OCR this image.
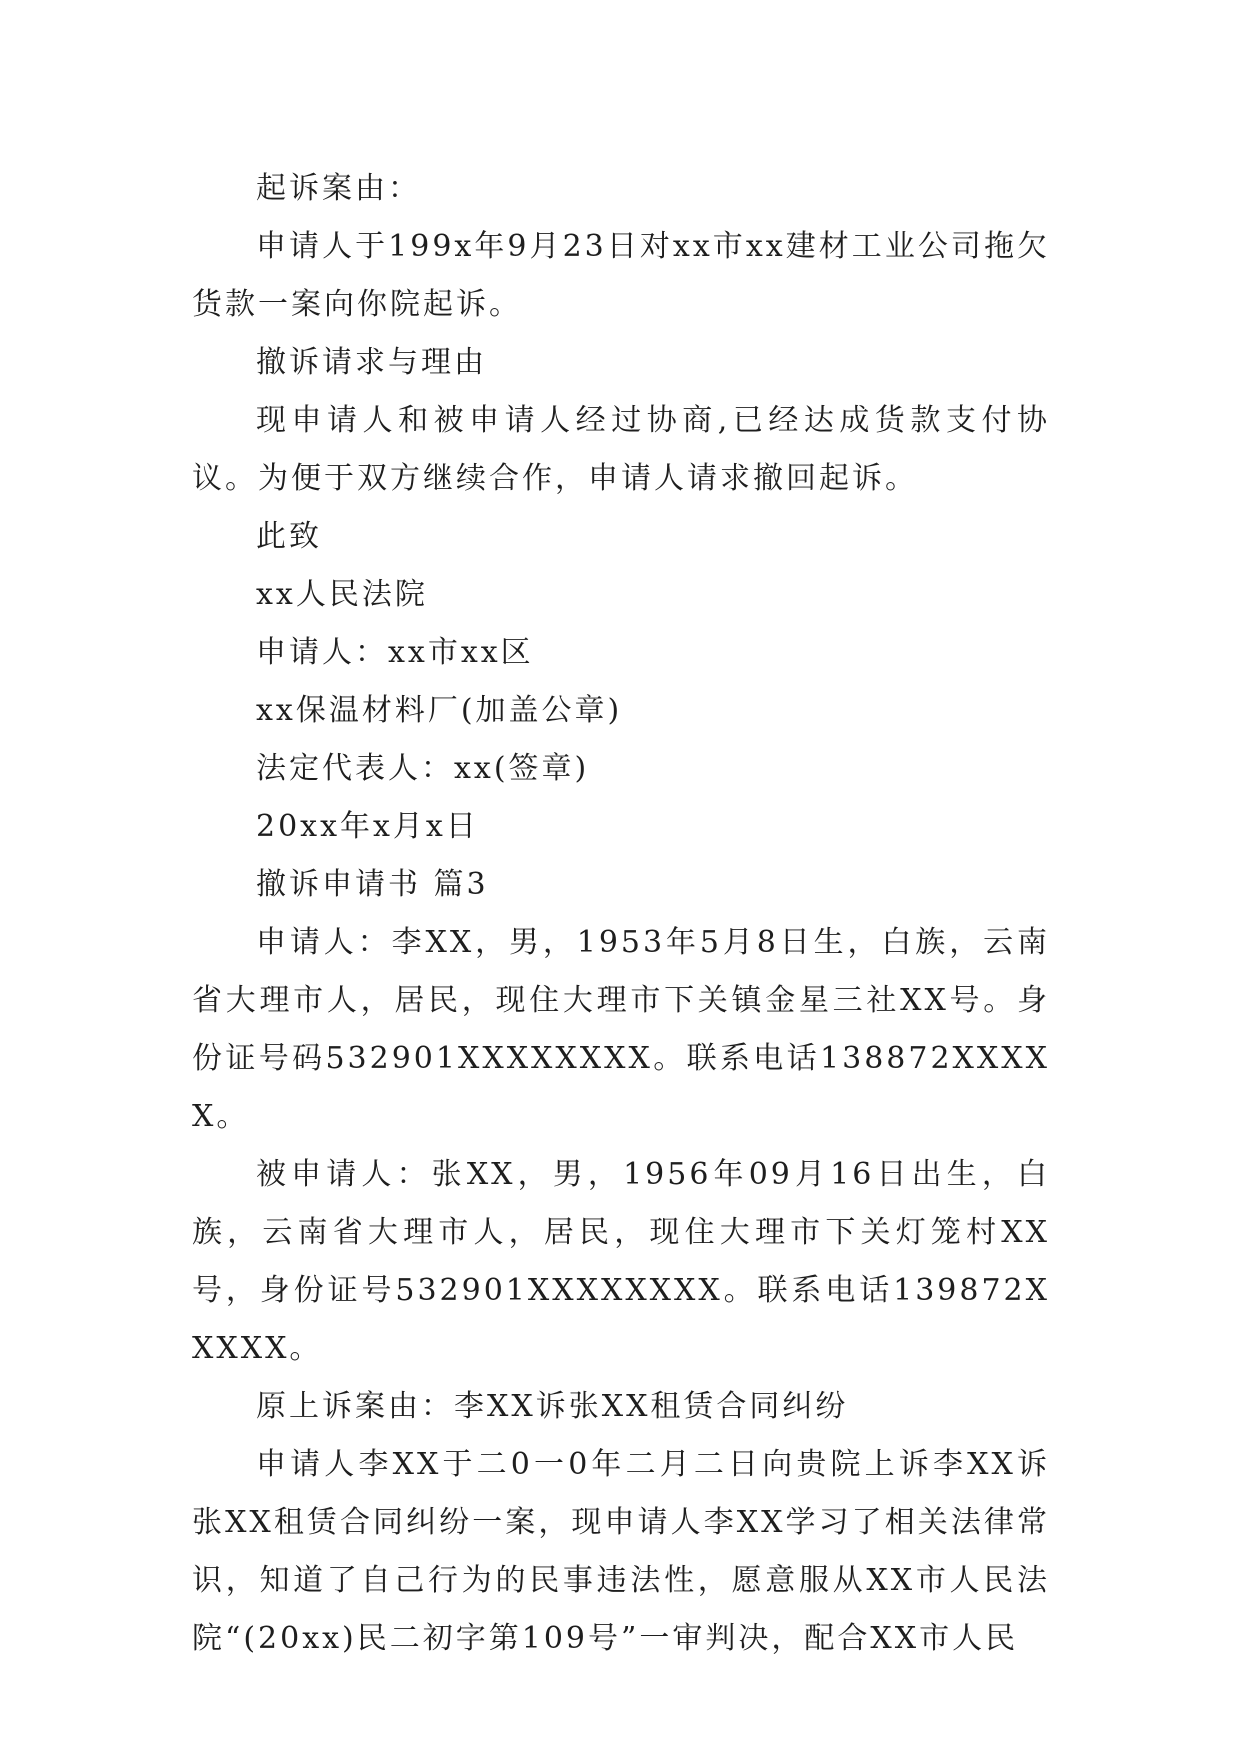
起诉案由：

申请人于199x年9月23日对xx市xx建材工业公司拖欠货款一案向你院起诉。

撤诉请求与理由

现申请人和被申请人经过协商,已经达成货款支付协议。为便于双方继续合作，申请人请求撤回起诉。

此致

xx人民法院

申请人：xx市xx区

xx保温材料厂(加盖公章)

法定代表人：xx(签章)

20xx年x月x日

撤诉申请书 篇3

申请人：李XX，男，1953年5月8日生，白族，云南省大理市人，居民，现住大理市下关镇金星三社XX号。身份证号码532901XXXXXXXX。联系电话138872XXXXX。

被申请人：张XX，男，1956年09月16日出生，白族，云南省大理市人，居民，现住大理市下关灯笼村XX号，身份证号532901XXXXXXXX。联系电话139872XXXXX。

原上诉案由：李XX诉张XX租赁合同纠纷

申请人李XX于二0一0年二月二日向贵院上诉李XX诉张XX租赁合同纠纷一案，现申请人李XX学习了相关法律常识，知道了自己行为的民事违法性，愿意服从XX市人民法院“(20xx)民二初字第109号”一审判决，配合XX市人民
